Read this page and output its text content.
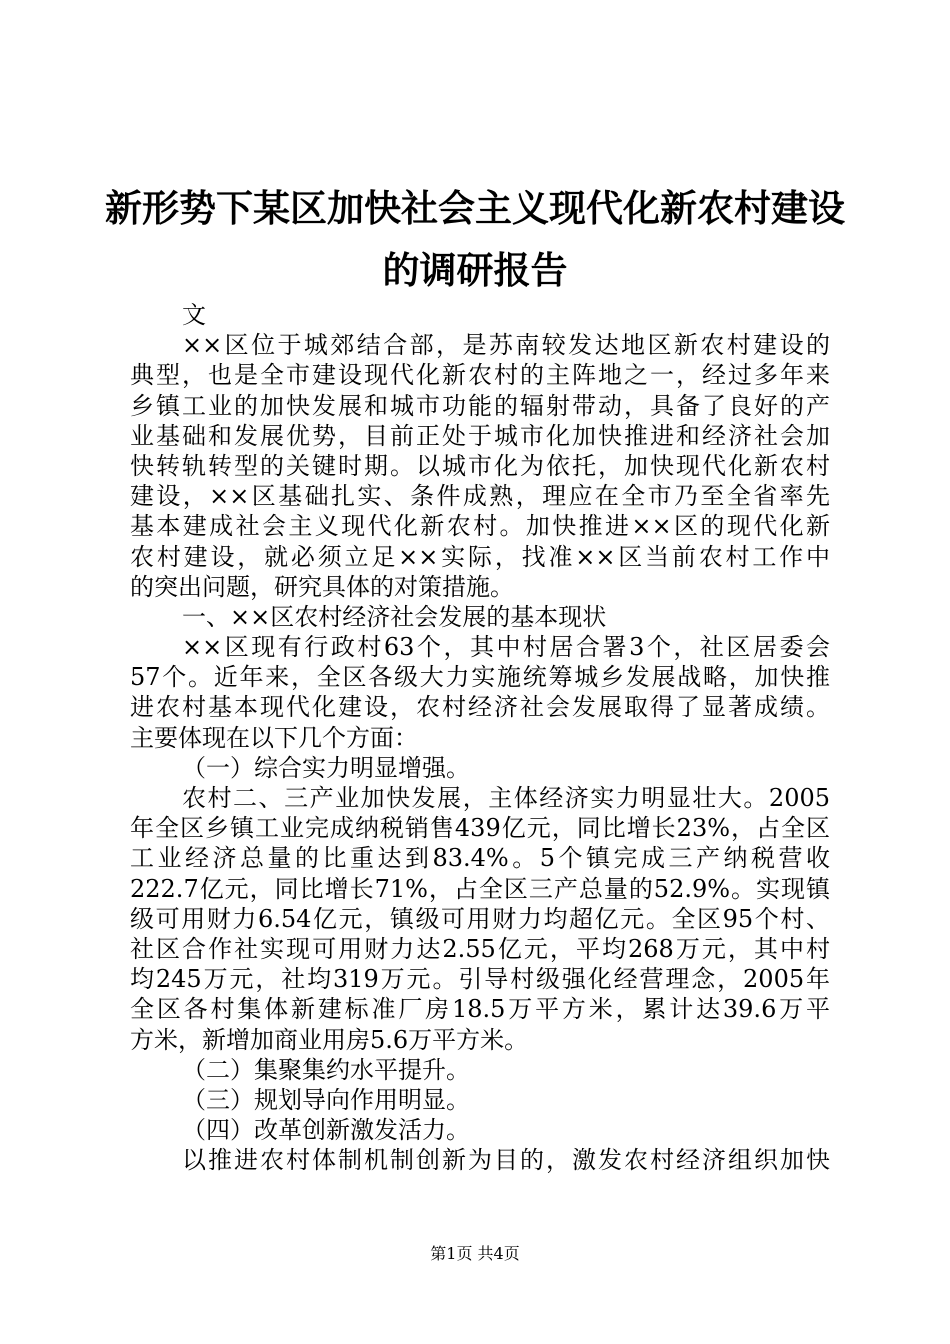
新形势下某区加快社会主义现代化新农村建设
的调研报告
文
××区位于城郊结合部，是苏南较发达地区新农村建设的
典型，也是全市建设现代化新农村的主阵地之一，经过多年来
乡镇工业的加快发展和城市功能的辐射带动，具备了良好的产
业基础和发展优势，目前正处于城市化加快推进和经济社会加
快转轨转型的关键时期。以城市化为依托，加快现代化新农村
建设，××区基础扎实、条件成熟，理应在全市乃至全省率先
基本建成社会主义现代化新农村。加快推进××区的现代化新
农村建设，就必须立足××实际，找准××区当前农村工作中
的突出问题，研究具体的对策措施。
一、××区农村经济社会发展的基本现状
××区现有行政村63个，其中村居合署3个，社区居委会
57个。近年来，全区各级大力实施统筹城乡发展战略，加快推
进农村基本现代化建设，农村经济社会发展取得了显著成绩。
主要体现在以下几个方面：
（一）综合实力明显增强。
农村二、三产业加快发展，主体经济实力明显壮大。2005
年全区乡镇工业完成纳税销售439亿元，同比增长23%，占全区
工业经济总量的比重达到83.4%。5个镇完成三产纳税营收
222.7亿元，同比增长71%，占全区三产总量的52.9%。实现镇
级可用财力6.54亿元，镇级可用财力均超亿元。全区95个村、
社区合作社实现可用财力达2.55亿元，平均268万元，其中村
均245万元，社均319万元。引导村级强化经营理念，2005年
全区各村集体新建标准厂房18.5万平方米，累计达39.6万平
方米，新增加商业用房5.6万平方米。
（二）集聚集约水平提升。
（三）规划导向作用明显。
（四）改革创新激发活力。
以推进农村体制机制创新为目的，激发农村经济组织加快
第1页 共4页
